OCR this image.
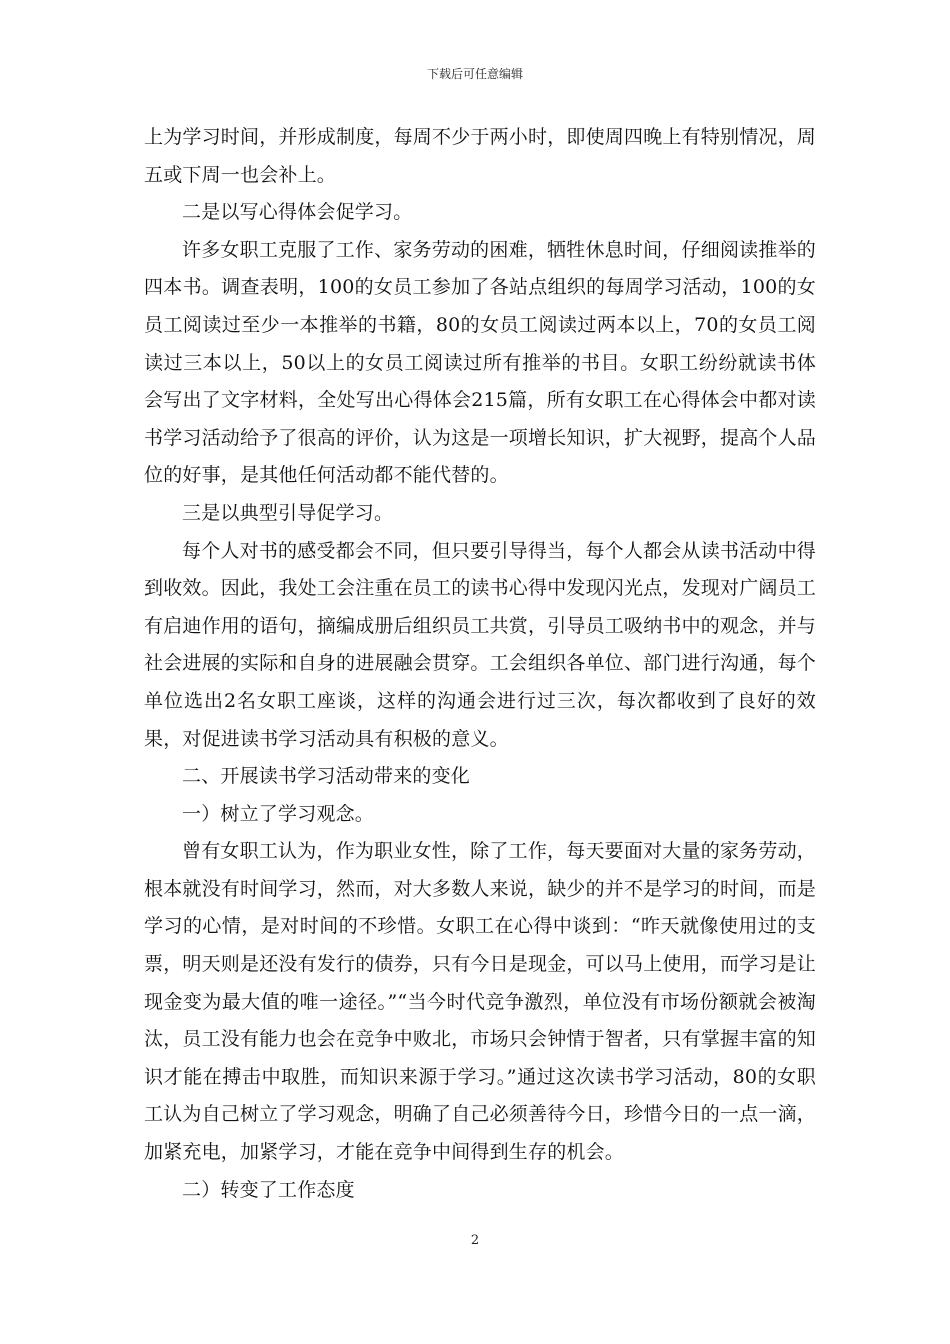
下载后可任意编辑

上为学习时间，并形成制度，每周不少于两小时，即使周四晚上有特别情况，周五或下周一也会补上。

二是以写心得体会促学习。

许多女职工克服了工作、家务劳动的困难，牺牲休息时间，仔细阅读推举的四本书。调查表明，100的女员工参加了各站点组织的每周学习活动，100的女员工阅读过至少一本推举的书籍，80的女员工阅读过两本以上，70的女员工阅读过三本以上，50以上的女员工阅读过所有推举的书目。女职工纷纷就读书体会写出了文字材料，全处写出心得体会215篇，所有女职工在心得体会中都对读书学习活动给予了很高的评价，认为这是一项增长知识，扩大视野，提高个人品位的好事，是其他任何活动都不能代替的。

三是以典型引导促学习。

每个人对书的感受都会不同，但只要引导得当，每个人都会从读书活动中得到收效。因此，我处工会注重在员工的读书心得中发现闪光点，发现对广阔员工有启迪作用的语句，摘编成册后组织员工共赏，引导员工吸纳书中的观念，并与社会进展的实际和自身的进展融会贯穿。工会组织各单位、部门进行沟通，每个单位选出2名女职工座谈，这样的沟通会进行过三次，每次都收到了良好的效果，对促进读书学习活动具有积极的意义。

二、开展读书学习活动带来的变化

一）树立了学习观念。

曾有女职工认为，作为职业女性，除了工作，每天要面对大量的家务劳动，根本就没有时间学习，然而，对大多数人来说，缺少的并不是学习的时间，而是学习的心情，是对时间的不珍惜。女职工在心得中谈到：“昨天就像使用过的支票，明天则是还没有发行的债券，只有今日是现金，可以马上使用，而学习是让现金变为最大值的唯一途径。”“当今时代竞争激烈，单位没有市场份额就会被淘汰，员工没有能力也会在竞争中败北，市场只会钟情于智者，只有掌握丰富的知识才能在搏击中取胜，而知识来源于学习。”通过这次读书学习活动，80的女职工认为自己树立了学习观念，明确了自己必须善待今日，珍惜今日的一点一滴，加紧充电，加紧学习，才能在竞争中间得到生存的机会。

二）转变了工作态度

2
